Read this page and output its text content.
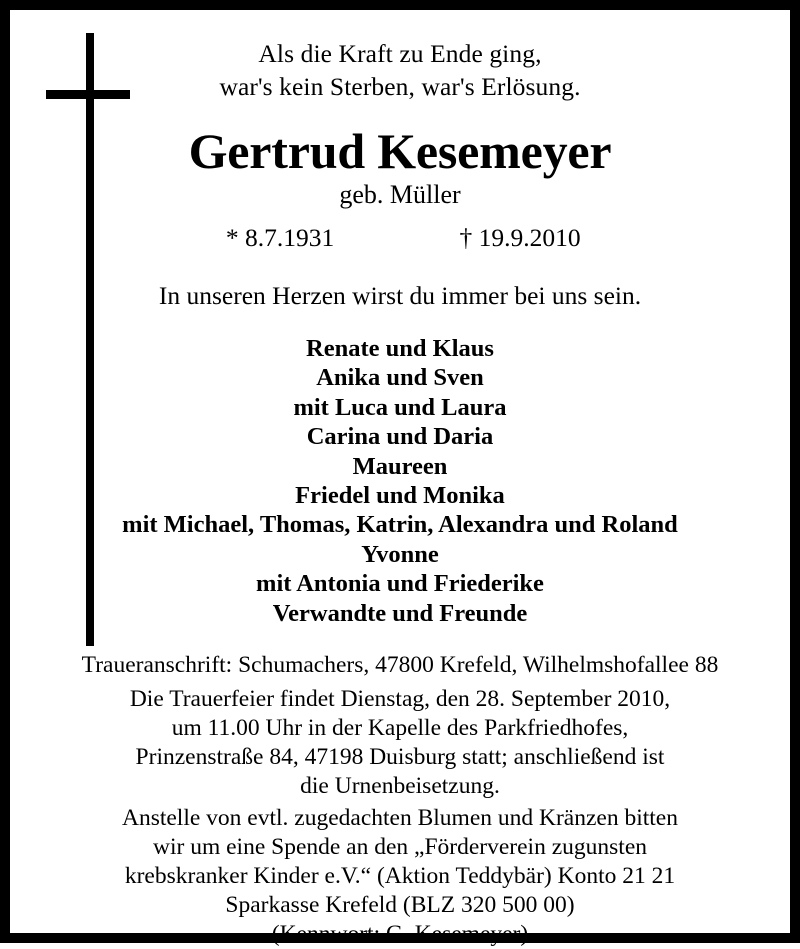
Als die Kraft zu Ende ging,
war's kein Sterben, war's Erlösung.
Gertrud Kesemeyer
geb. Müller
* 8.7.1931	† 19.9.2010
In unseren Herzen wirst du immer bei uns sein.
Renate und Klaus
Anika und Sven
mit Luca und Laura
Carina und Daria
Maureen
Friedel und Monika
mit Michael, Thomas, Katrin, Alexandra und Roland
Yvonne
mit Antonia und Friederike
Verwandte und Freunde
Traueranschrift: Schumachers, 47800 Krefeld, Wilhelmshofallee 88
Die Trauerfeier findet Dienstag, den 28. September 2010,
um 11.00 Uhr in der Kapelle des Parkfriedhofes,
Prinzenstraße 84, 47198 Duisburg statt; anschließend ist
die Urnenbeisetzung.
Anstelle von evtl. zugedachten Blumen und Kränzen bitten
wir um eine Spende an den „Förderverein zugunsten
krebskranker Kinder e.V.“ (Aktion Teddybär) Konto 21 21
Sparkasse Krefeld (BLZ 320 500 00)
(Kennwort: G. Kesemeyer)
